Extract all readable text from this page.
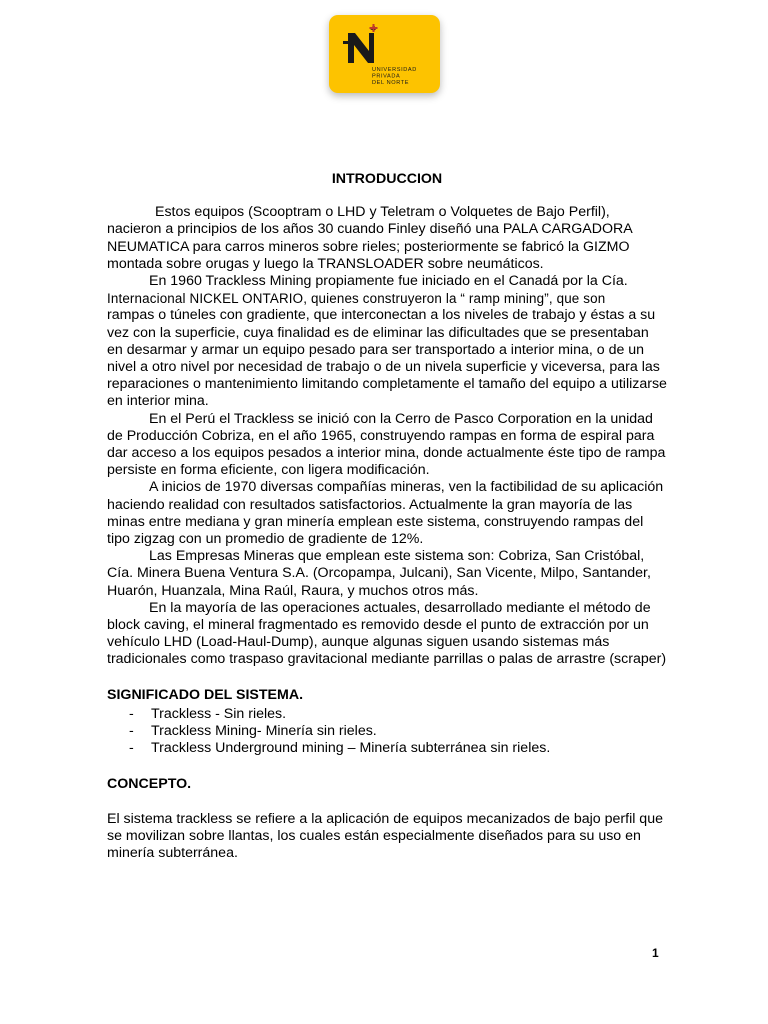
UNIVERSIDAD
PRIVADA
DEL NORTE
INTRODUCCION

Estos equipos (Scooptram o LHD y Teletram o Volquetes de Bajo Perfil), nacieron a principios de los años 30 cuando Finley diseñó una PALA CARGADORA NEUMATICA para carros mineros sobre rieles; posteriormente se fabricó la GIZMO montada sobre orugas y luego la TRANSLOADER sobre neumáticos.

En 1960 Trackless Mining propiamente fue iniciado en el Canadá por la Cía.

Internacional NICKEL ONTARIO, quienes construyeron la “ ramp mining”, que son

rampas o túneles con gradiente, que interconectan a los niveles de trabajo y éstas a su vez con la superficie, cuya finalidad es de eliminar las dificultades que se presentaban en desarmar y armar un equipo pesado para ser transportado a interior mina, o de un nivel a otro nivel por necesidad de trabajo o de un nivela superficie y viceversa, para las reparaciones o mantenimiento limitando completamente el tamaño del equipo a utilizarse en interior mina.

En el Perú el Trackless se inició con la Cerro de Pasco Corporation en la unidad de Producción Cobriza, en el año 1965, construyendo rampas en forma de espiral para dar acceso a los equipos pesados a interior mina, donde actualmente éste tipo de rampa persiste en forma eficiente, con ligera modificación.

A inicios de 1970 diversas compañías mineras, ven la factibilidad de su aplicación haciendo realidad con resultados satisfactorios. Actualmente la gran mayoría de las minas entre mediana y gran minería emplean este sistema, construyendo rampas del tipo zigzag con un promedio de gradiente de 12%.

Las Empresas Mineras que emplean este sistema son: Cobriza, San Cristóbal, Cía. Minera Buena Ventura S.A. (Orcopampa, Julcani), San Vicente, Milpo, Santander, Huarón, Huanzala, Mina Raúl, Raura, y muchos otros más.

En la mayoría de las operaciones actuales, desarrollado mediante el método de block caving, el mineral fragmentado es removido desde el punto de extracción por un vehículo LHD (Load-Haul-Dump), aunque algunas siguen usando sistemas más tradicionales como traspaso gravitacional mediante parrillas o palas de arrastre (scraper)

SIGNIFICADO DEL SISTEMA.
- Trackless - Sin rieles.
- Trackless Mining- Minería sin rieles.
- Trackless Underground mining – Minería subterránea sin rieles.
CONCEPTO.

El sistema trackless se refiere a la aplicación de equipos mecanizados de bajo perfil que se movilizan sobre llantas, los cuales están especialmente diseñados para su uso en minería subterránea.

1
